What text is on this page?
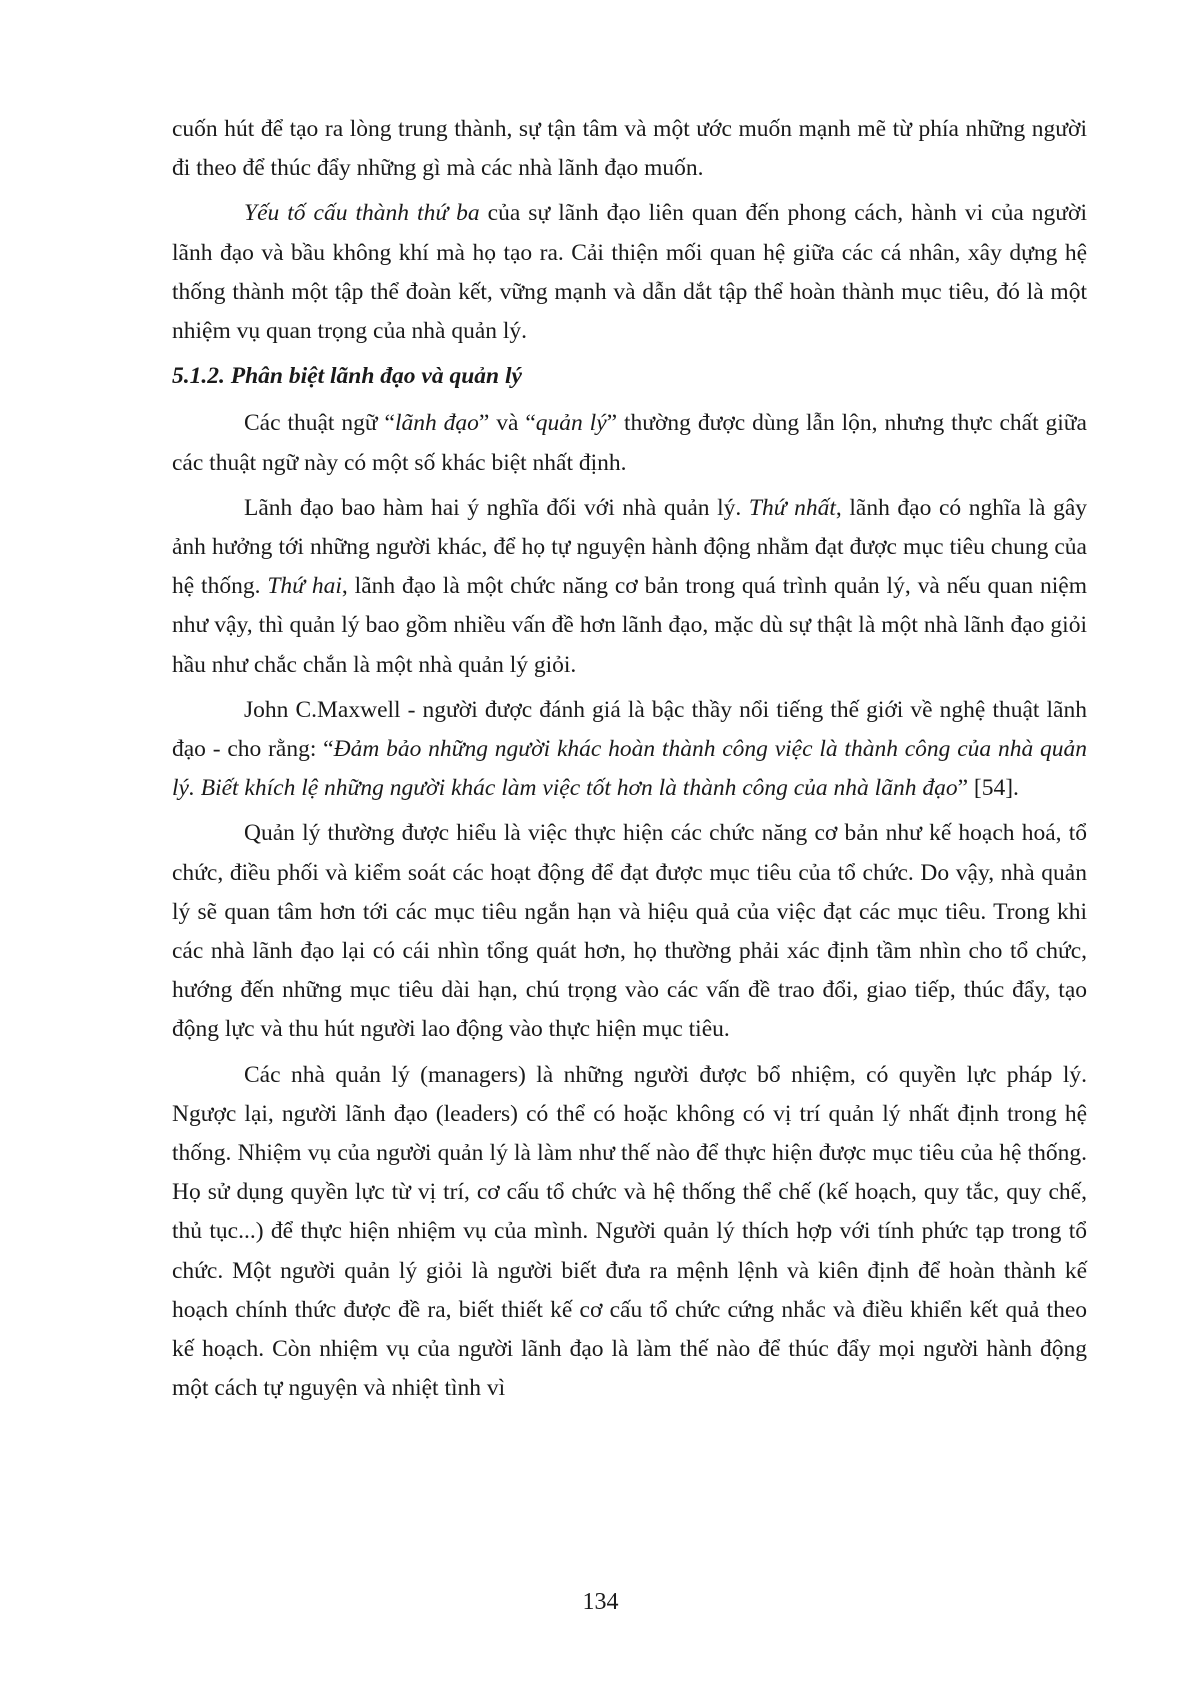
cuốn hút để tạo ra lòng trung thành, sự tận tâm và một ước muốn mạnh mẽ từ phía những người đi theo để thúc đẩy những gì mà các nhà lãnh đạo muốn.

Yếu tố cấu thành thứ ba của sự lãnh đạo liên quan đến phong cách, hành vi của người lãnh đạo và bầu không khí mà họ tạo ra. Cải thiện mối quan hệ giữa các cá nhân, xây dựng hệ thống thành một tập thể đoàn kết, vững mạnh và dẫn dắt tập thể hoàn thành mục tiêu, đó là một nhiệm vụ quan trọng của nhà quản lý.

5.1.2. Phân biệt lãnh đạo và quản lý

Các thuật ngữ “lãnh đạo” và “quản lý” thường được dùng lẫn lộn, nhưng thực chất giữa các thuật ngữ này có một số khác biệt nhất định.

Lãnh đạo bao hàm hai ý nghĩa đối với nhà quản lý. Thứ nhất, lãnh đạo có nghĩa là gây ảnh hưởng tới những người khác, để họ tự nguyện hành động nhằm đạt được mục tiêu chung của hệ thống. Thứ hai, lãnh đạo là một chức năng cơ bản trong quá trình quản lý, và nếu quan niệm như vậy, thì quản lý bao gồm nhiều vấn đề hơn lãnh đạo, mặc dù sự thật là một nhà lãnh đạo giỏi hầu như chắc chắn là một nhà quản lý giỏi.

John C.Maxwell - người được đánh giá là bậc thầy nổi tiếng thế giới về nghệ thuật lãnh đạo - cho rằng: “Đảm bảo những người khác hoàn thành công việc là thành công của nhà quản lý. Biết khích lệ những người khác làm việc tốt hơn là thành công của nhà lãnh đạo” [54].

Quản lý thường được hiểu là việc thực hiện các chức năng cơ bản như kế hoạch hoá, tổ chức, điều phối và kiểm soát các hoạt động để đạt được mục tiêu của tổ chức. Do vậy, nhà quản lý sẽ quan tâm hơn tới các mục tiêu ngắn hạn và hiệu quả của việc đạt các mục tiêu. Trong khi các nhà lãnh đạo lại có cái nhìn tổng quát hơn, họ thường phải xác định tầm nhìn cho tổ chức, hướng đến những mục tiêu dài hạn, chú trọng vào các vấn đề trao đổi, giao tiếp, thúc đẩy, tạo động lực và thu hút người lao động vào thực hiện mục tiêu.

Các nhà quản lý (managers) là những người được bổ nhiệm, có quyền lực pháp lý. Ngược lại, người lãnh đạo (leaders) có thể có hoặc không có vị trí quản lý nhất định trong hệ thống. Nhiệm vụ của người quản lý là làm như thế nào để thực hiện được mục tiêu của hệ thống. Họ sử dụng quyền lực từ vị trí, cơ cấu tổ chức và hệ thống thể chế (kế hoạch, quy tắc, quy chế, thủ tục...) để thực hiện nhiệm vụ của mình. Người quản lý thích hợp với tính phức tạp trong tổ chức. Một người quản lý giỏi là người biết đưa ra mệnh lệnh và kiên định để hoàn thành kế hoạch chính thức được đề ra, biết thiết kế cơ cấu tổ chức cứng nhắc và điều khiển kết quả theo kế hoạch. Còn nhiệm vụ của người lãnh đạo là làm thế nào để thúc đẩy mọi người hành động một cách tự nguyện và nhiệt tình vì

134
